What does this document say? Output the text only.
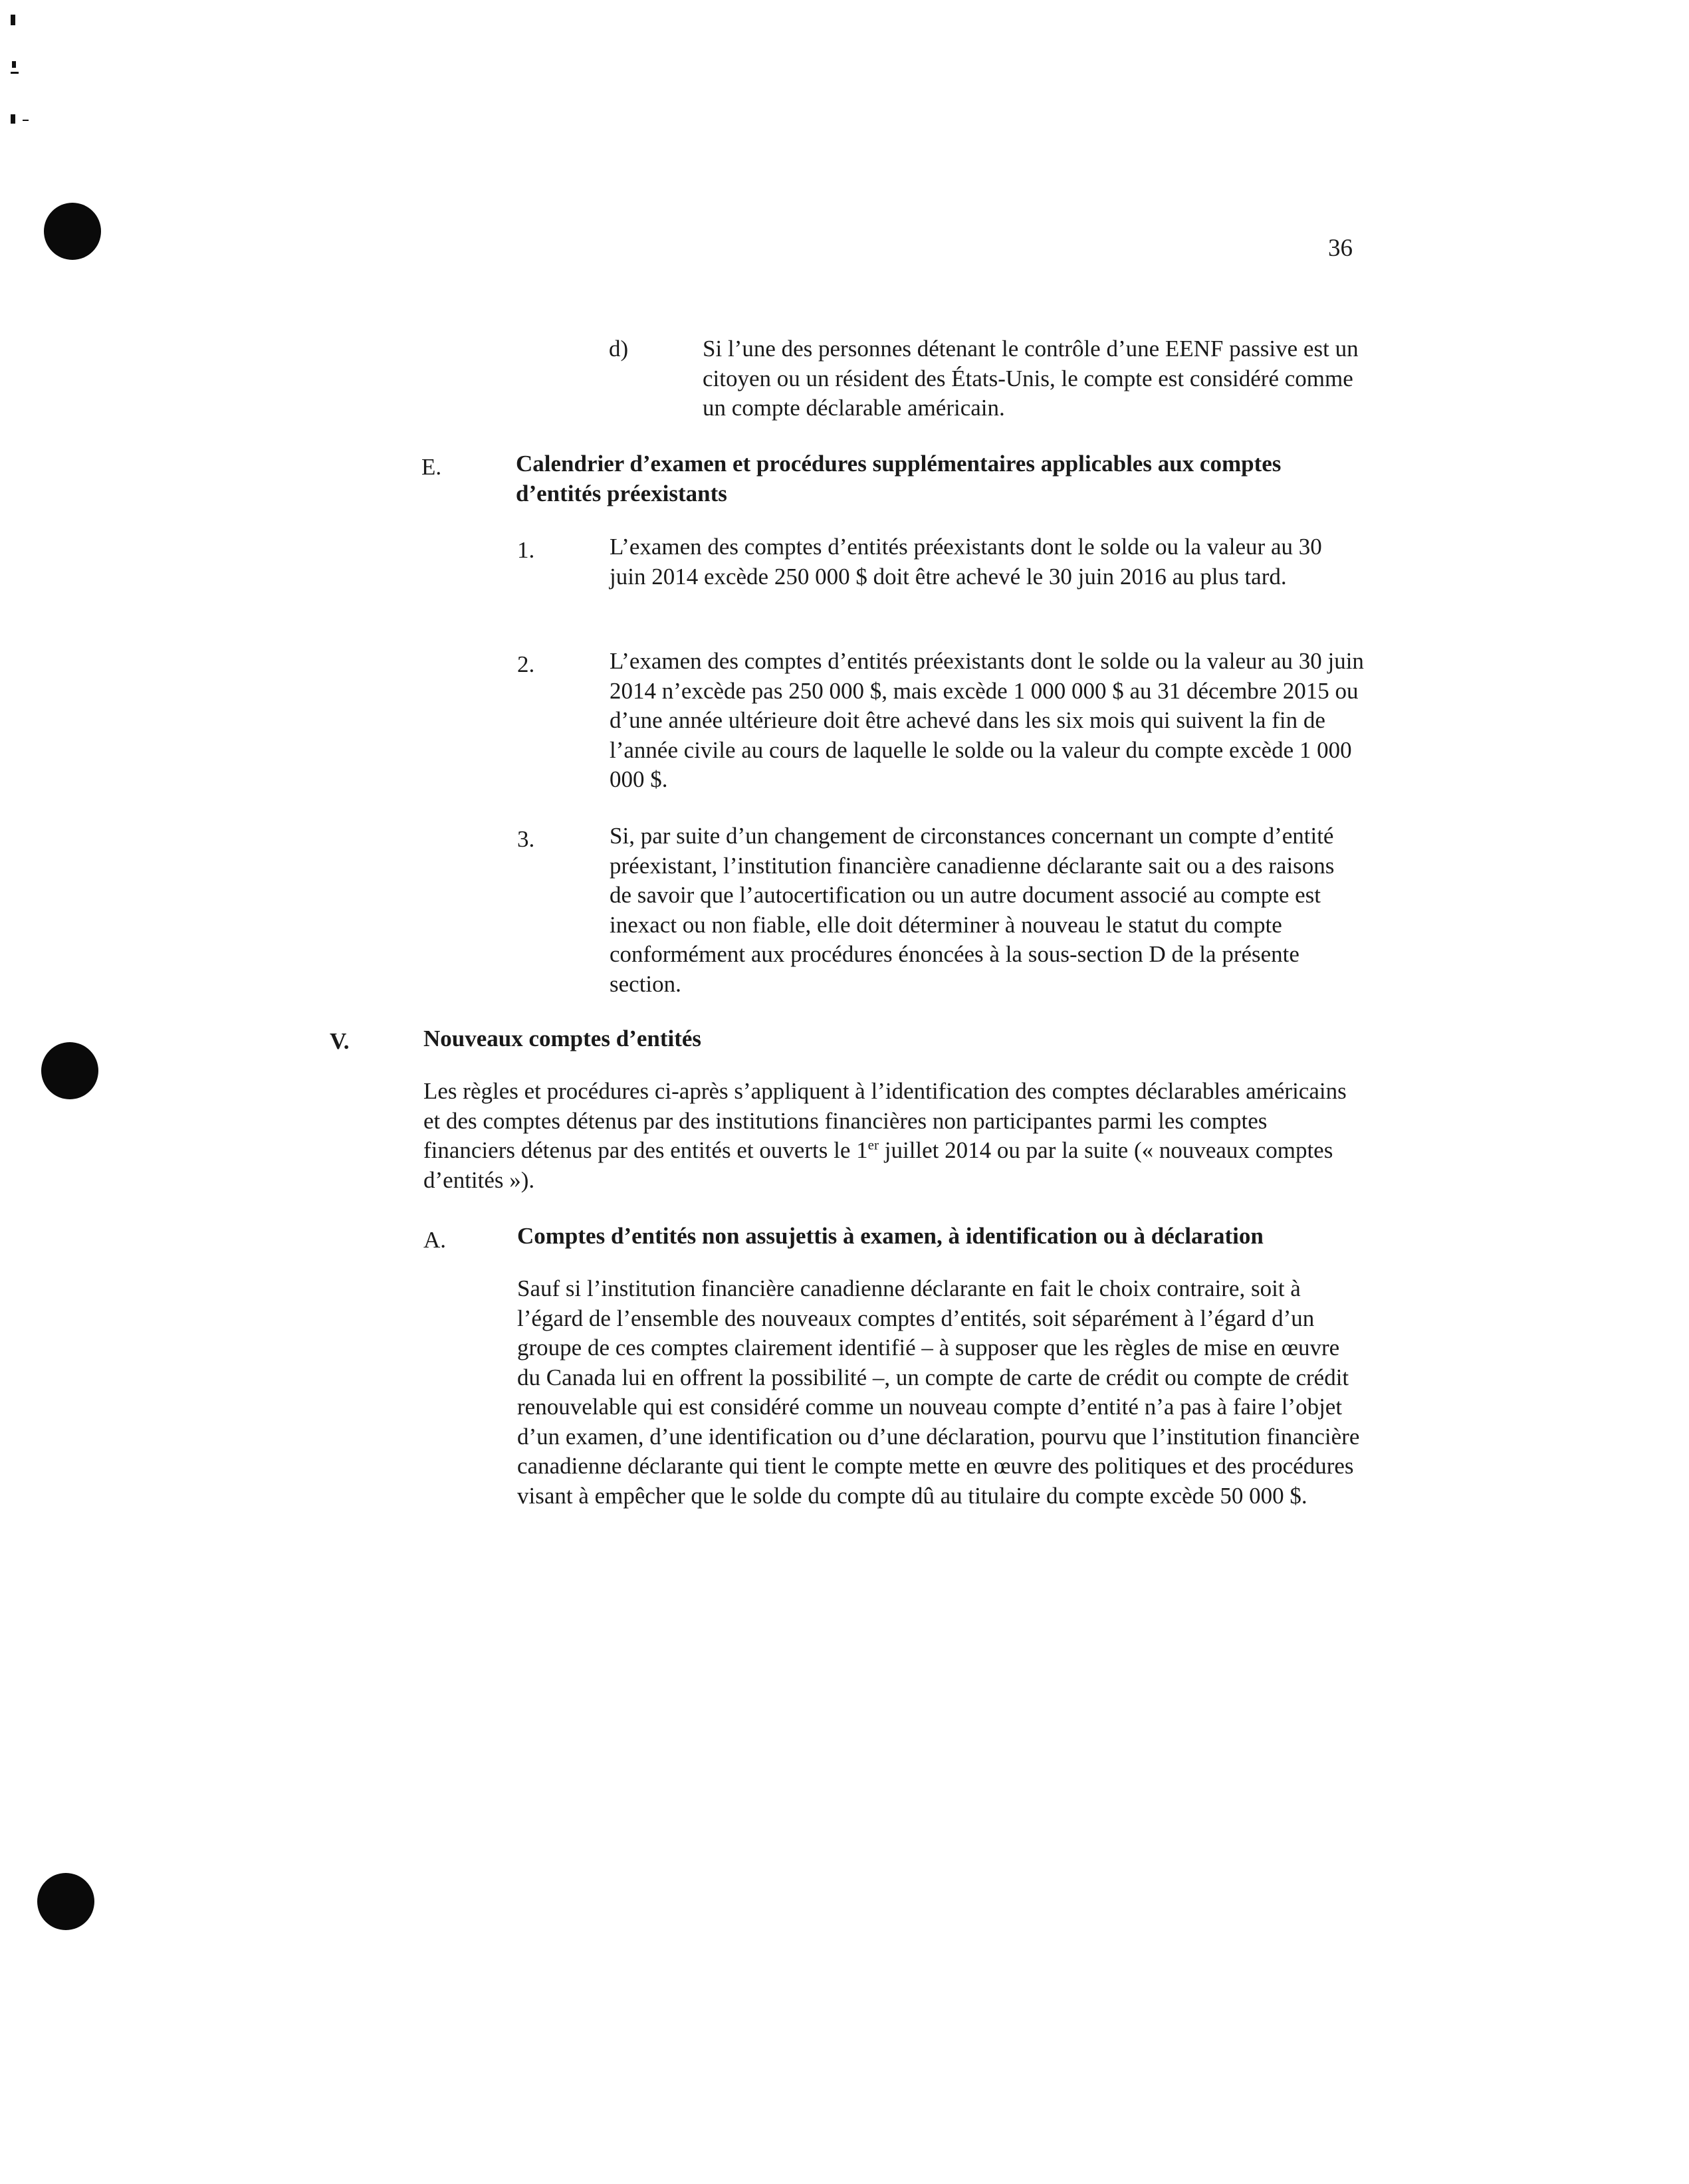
36
d)	Si l’une des personnes détenant le contrôle d’une EENF passive est un citoyen ou un résident des États-Unis, le compte est considéré comme un compte déclarable américain.
E.	Calendrier d’examen et procédures supplémentaires applicables aux comptes d’entités préexistants
1.	L’examen des comptes d’entités préexistants dont le solde ou la valeur au 30 juin 2014 excède 250 000 $ doit être achevé le 30 juin 2016 au plus tard.
2.	L’examen des comptes d’entités préexistants dont le solde ou la valeur au 30 juin 2014 n’excède pas 250 000 $, mais excède 1 000 000 $ au 31 décembre 2015 ou d’une année ultérieure doit être achevé dans les six mois qui suivent la fin de l’année civile au cours de laquelle le solde ou la valeur du compte excède 1 000 000 $.
3.	Si, par suite d’un changement de circonstances concernant un compte d’entité préexistant, l’institution financière canadienne déclarante sait ou a des raisons de savoir que l’autocertification ou un autre document associé au compte est inexact ou non fiable, elle doit déterminer à nouveau le statut du compte conformément aux procédures énoncées à la sous-section D de la présente section.
V.	Nouveaux comptes d’entités
Les règles et procédures ci-après s’appliquent à l’identification des comptes déclarables américains et des comptes détenus par des institutions financières non participantes parmi les comptes financiers détenus par des entités et ouverts le 1er juillet 2014 ou par la suite (« nouveaux comptes d’entités »).
A.	Comptes d’entités non assujettis à examen, à identification ou à déclaration
Sauf si l’institution financière canadienne déclarante en fait le choix contraire, soit à l’égard de l’ensemble des nouveaux comptes d’entités, soit séparément à l’égard d’un groupe de ces comptes clairement identifié – à supposer que les règles de mise en œuvre du Canada lui en offrent la possibilité –, un compte de carte de crédit ou compte de crédit renouvelable qui est considéré comme un nouveau compte d’entité n’a pas à faire l’objet d’un examen, d’une identification ou d’une déclaration, pourvu que l’institution financière canadienne déclarante qui tient le compte mette en œuvre des politiques et des procédures visant à empêcher que le solde du compte dû au titulaire du compte excède 50 000 $.
